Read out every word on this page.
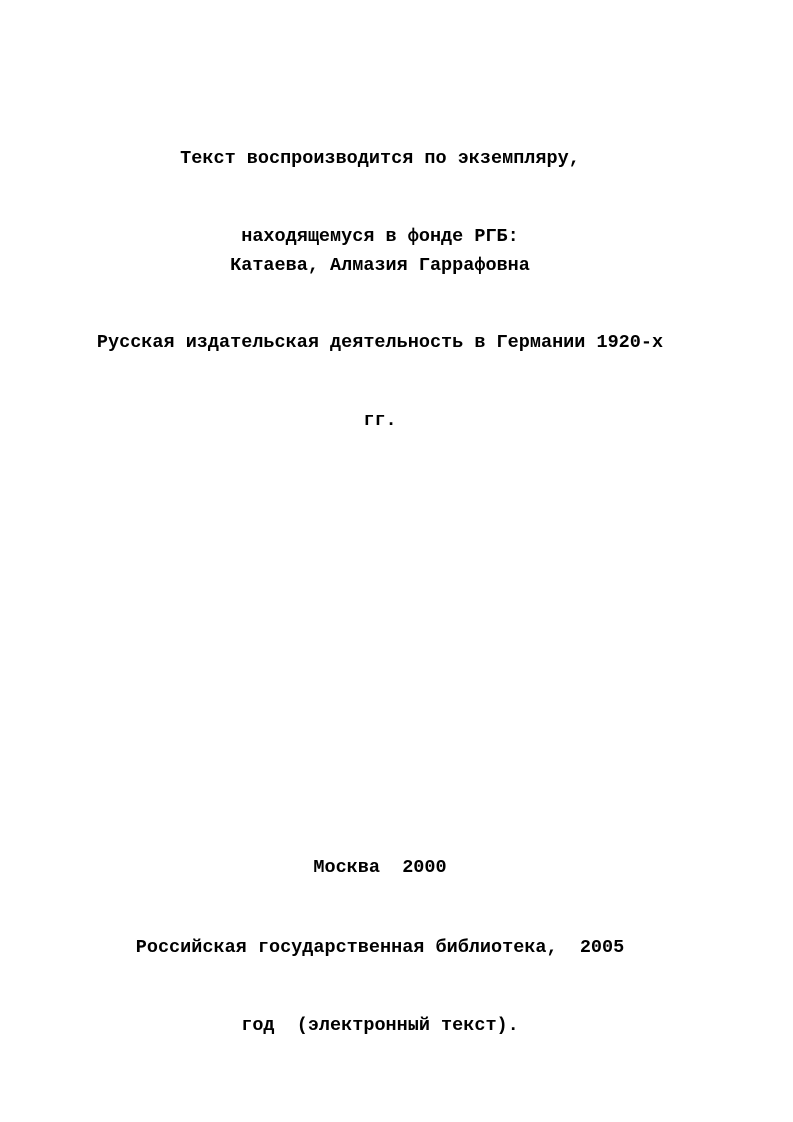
Текст воспроизводится по экземпляру,

находящемуся в фонде РГБ:

Катаева, Алмазия Гаррафовна

Русская издательская деятельность в Германии 1920-х

гг.

Москва  2000

Российская государственная библиотека,  2005

год  (электронный текст).
